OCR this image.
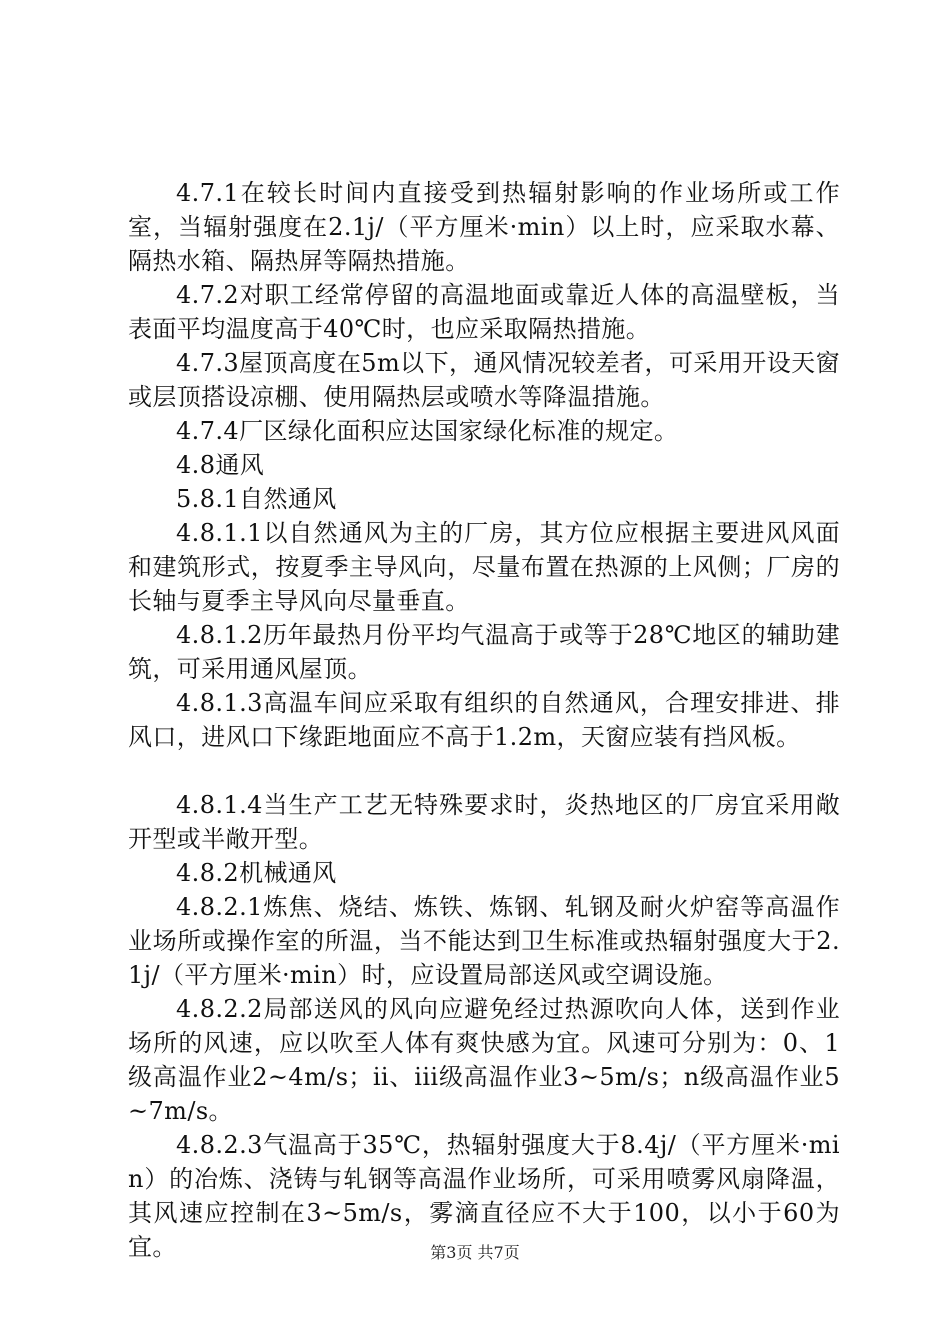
4.7.1在较长时间内直接受到热辐射影响的作业场所或工作室，当辐射强度在2.1j/（平方厘米·min）以上时，应采取水幕、隔热水箱、隔热屏等隔热措施。

4.7.2对职工经常停留的高温地面或靠近人体的高温壁板，当表面平均温度高于40℃时，也应采取隔热措施。

4.7.3屋顶高度在5m以下，通风情况较差者，可采用开设天窗或层顶搭设凉棚、使用隔热层或喷水等降温措施。

4.7.4厂区绿化面积应达国家绿化标准的规定。

4.8通风

5.8.1自然通风

4.8.1.1以自然通风为主的厂房，其方位应根据主要进风风面和建筑形式，按夏季主导风向，尽量布置在热源的上风侧；厂房的长轴与夏季主导风向尽量垂直。

4.8.1.2历年最热月份平均气温高于或等于28℃地区的辅助建筑，可采用通风屋顶。

4.8.1.3高温车间应采取有组织的自然通风，合理安排进、排风口，进风口下缘距地面应不高于1.2m，天窗应装有挡风板。

4.8.1.4当生产工艺无特殊要求时，炎热地区的厂房宜采用敞开型或半敞开型。

4.8.2机械通风

4.8.2.1炼焦、烧结、炼铁、炼钢、轧钢及耐火炉窑等高温作业场所或操作室的所温，当不能达到卫生标准或热辐射强度大于2.1j/（平方厘米·min）时，应设置局部送风或空调设施。

4.8.2.2局部送风的风向应避免经过热源吹向人体，送到作业场所的风速，应以吹至人体有爽快感为宜。风速可分别为：0、1级高温作业2~4m/s；ii、iii级高温作业3~5m/s；n级高温作业5~7m/s。

4.8.2.3气温高于35℃，热辐射强度大于8.4j/（平方厘米·min）的冶炼、浇铸与轧钢等高温作业场所，可采用喷雾风扇降温，其风速应控制在3~5m/s，雾滴直径应不大于100，以小于60为宜。	第3页 共7页
